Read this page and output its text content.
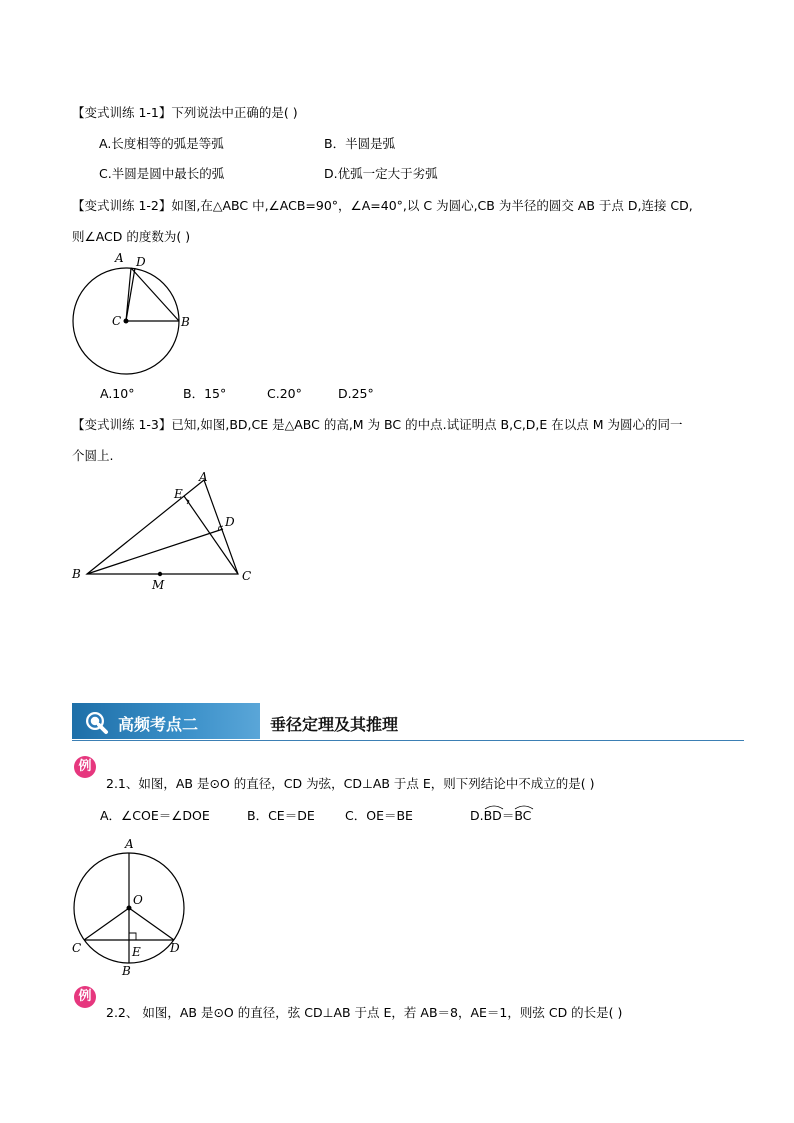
【变式训练 1-1】下列说法中正确的是( )
A.长度相等的弧是等弧	B．半圆是弧
C.半圆是圆中最长的弧	D.优弧一定大于劣弧
【变式训练 1-2】如图,在△ABC 中,∠ACB=90°，∠A=40°,以 C 为圆心,CB 为半径的圆交 AB 于点 D,连接 CD,
则∠ACD 的度数为( )
A D
C	B
A.10°	B．15°	C.20°	D.25°
【变式训练 1-3】已知,如图,BD,CE 是△ABC 的高,M 为 BC 的中点.试证明点 B,C,D,E 在以点 M 为圆心的同一
个圆上.
A
E
D
B
M
C
高频考点二	垂径定理及其推理
例
2.1、如图，AB 是⊙O 的直径，CD 为弦，CD⊥AB 于点 E，则下列结论中不成立的是( )
A．∠COE＝∠DOE	B．CE＝DE C．OE＝BE	D.
BD＝
BC
A
O
C	E D
B
例
2.2、 如图，AB 是⊙O 的直径，弦 CD⊥AB 于点 E，若 AB＝8，AE＝1，则弦 CD 的长是( )
